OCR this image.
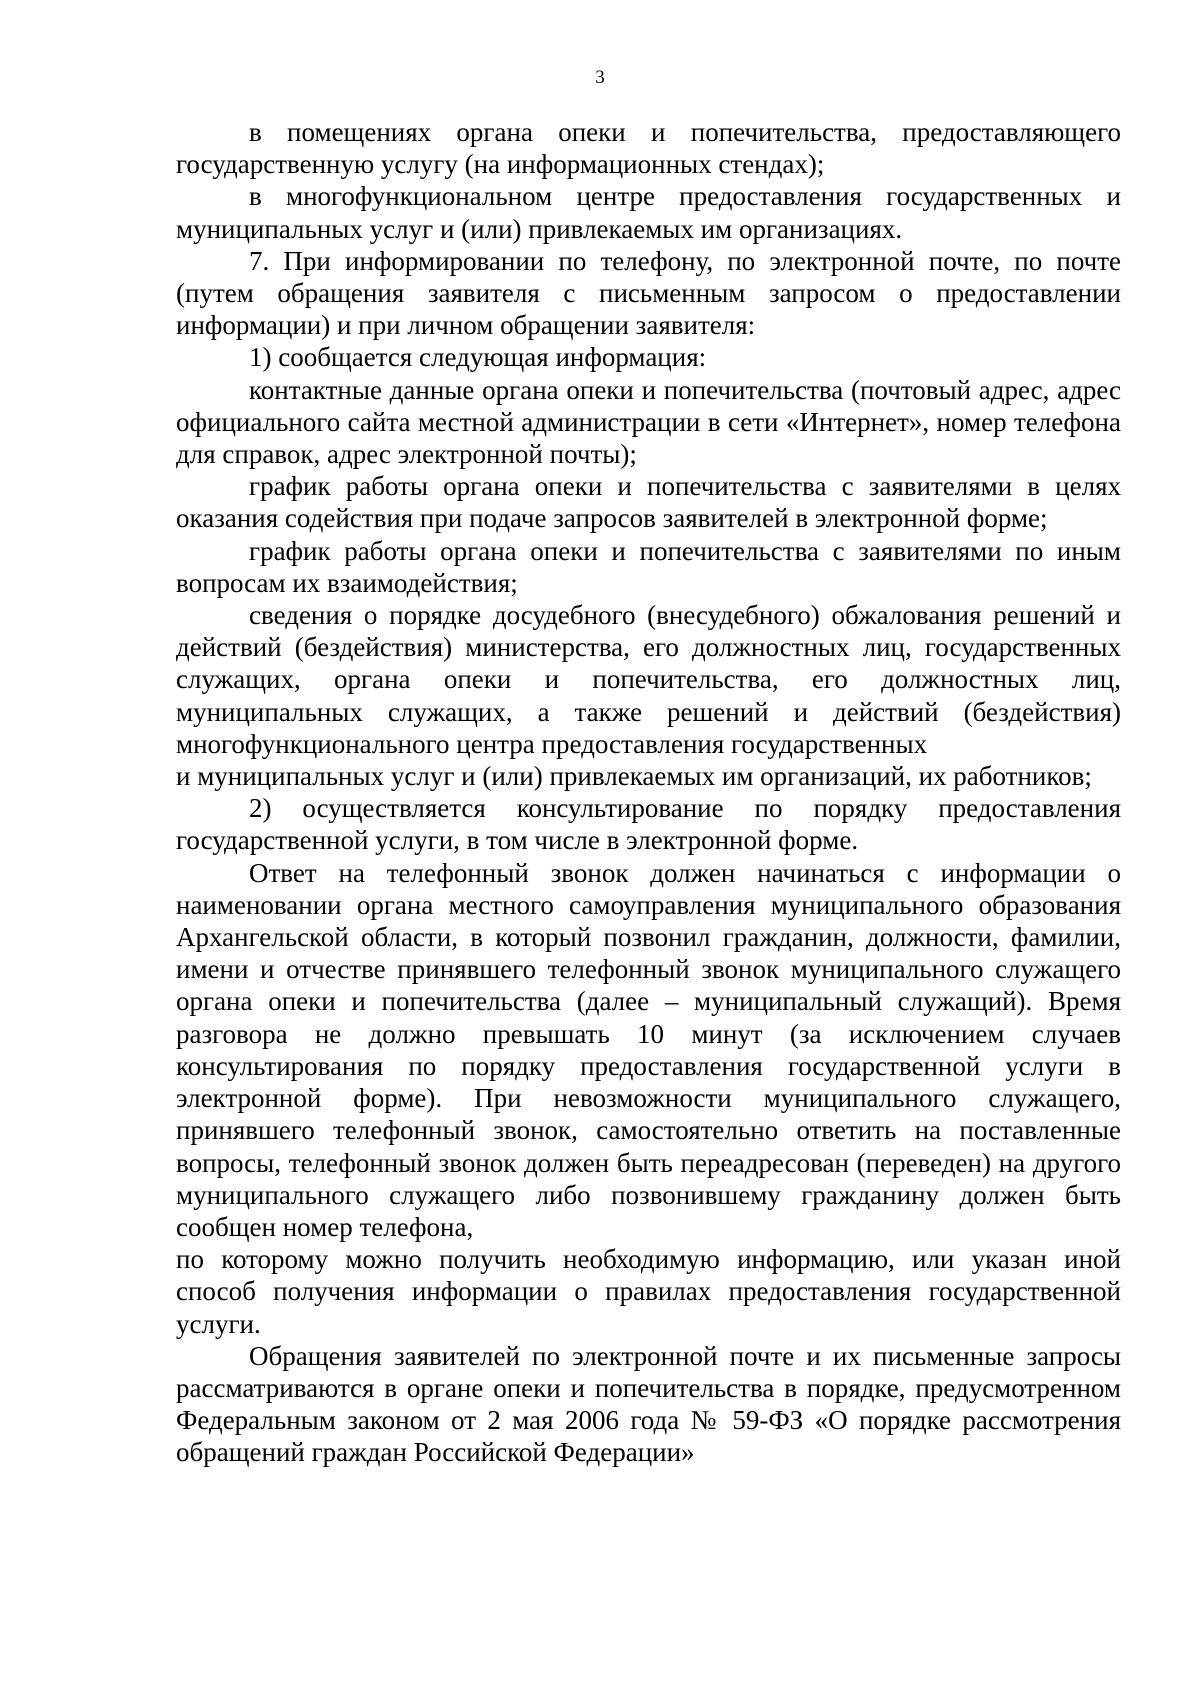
3

в помещениях органа опеки и попечительства, предоставляющего государственную услугу (на информационных стендах);

в многофункциональном центре предоставления государственных и муниципальных услуг и (или) привлекаемых им организациях.

7. При информировании по телефону, по электронной почте, по почте (путем обращения заявителя с письменным запросом о предоставлении информации) и при личном обращении заявителя:

1) сообщается следующая информация:

контактные данные органа опеки и попечительства (почтовый адрес, адрес официального сайта местной администрации в сети «Интернет», номер телефона для справок, адрес электронной почты);

график работы органа опеки и попечительства с заявителями в целях оказания содействия при подаче запросов заявителей в электронной форме;

график работы органа опеки и попечительства с заявителями по иным вопросам их взаимодействия;

сведения о порядке досудебного (внесудебного) обжалования решений и действий (бездействия) министерства, его должностных лиц, государственных служащих, органа опеки и попечительства, его должностных лиц, муниципальных служащих, а также решений и действий (бездействия) многофункционального центра предоставления государственных

и муниципальных услуг и (или) привлекаемых им организаций, их работников;

2) осуществляется консультирование по порядку предоставления государственной услуги, в том числе в электронной форме.

Ответ на телефонный звонок должен начинаться с информации о наименовании органа местного самоуправления муниципального образования Архангельской области, в который позвонил гражданин, должности, фамилии, имени и отчестве принявшего телефонный звонок муниципального служащего органа опеки и попечительства (далее – муниципальный служащий). Время разговора не должно превышать 10 минут (за исключением случаев консультирования по порядку предоставления государственной услуги в электронной форме). При невозможности муниципального служащего, принявшего телефонный звонок, самостоятельно ответить на поставленные вопросы, телефонный звонок должен быть переадресован (переведен) на другого муниципального служащего либо позвонившему гражданину должен быть сообщен номер телефона,

по которому можно получить необходимую информацию, или указан иной способ получения информации о правилах предоставления государственной услуги.

Обращения заявителей по электронной почте и их письменные запросы рассматриваются в органе опеки и попечительства в порядке, предусмотренном Федеральным законом от 2 мая 2006 года № 59-ФЗ «О порядке рассмотрения обращений граждан Российской Федерации»
